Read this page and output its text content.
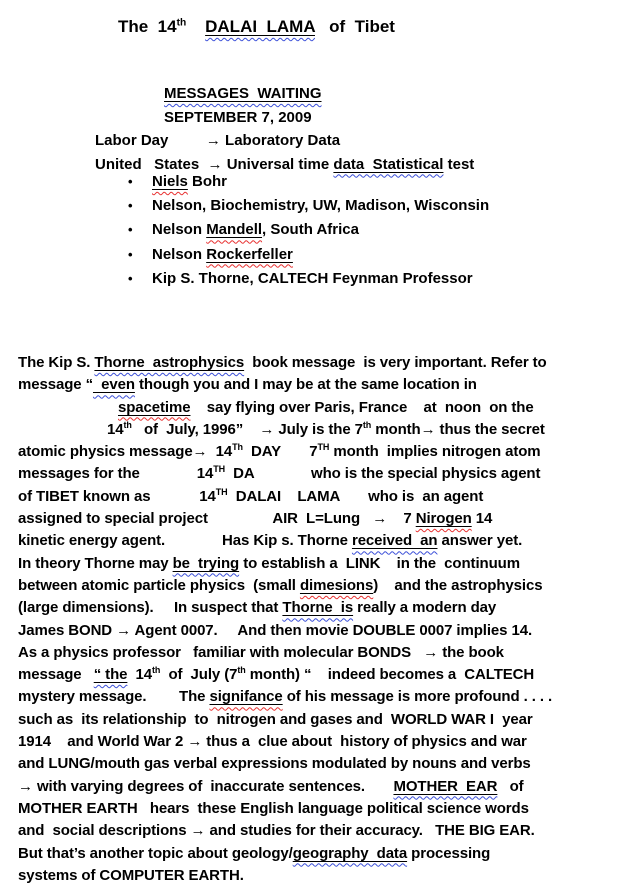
The  14th DALAI  LAMA   of  Tibet
MESSAGES  WAITING
SEPTEMBER 7, 2009
Labor Day         → Laboratory Data
United   States  → Universal time data  Statistical test
•	Niels Bohr
•	Nelson, Biochemistry, UW, Madison, Wisconsin
•	Nelson Mandell, South Africa
•	Nelson Rockerfeller
•	Kip S. Thorne, CALTECH Feynman Professor
The Kip S. Thorne  astrophysics  book message  is very important. Refer to
message “  even though you and I may be at the same location in
spacetime    say flying over Paris, France    at  noon  on the
14th   of  July, 1996”    → July is the 7th month→ thus the secret
atomic physics message→  14Th  DAY       7TH month  implies nitrogen atom
messages for the              14TH  DA              who is the special physics agent
of TIBET known as            14TH  DALAI    LAMA       who is  an agent
assigned to special project                AIR  L=Lung   →    7 Nirogen 14
kinetic energy agent.              Has Kip s. Thorne received  an answer yet.
In theory Thorne may be  trying to establish a  LINK    in the  continuum
between atomic particle physics  (small dimesions)    and the astrophysics
(large dimensions).     In suspect that Thorne  is really a modern day
James BOND → Agent 0007.     And then movie DOUBLE 0007 implies 14.
As a physics professor   familiar with molecular BONDS   → the book
message   “ the  14th  of  July (7th month) “    indeed becomes a  CALTECH
mystery message.        The signifance of his message is more profound . . . .
such as  its relationship  to  nitrogen and gases and  WORLD WAR I  year
1914    and World War 2 → thus a  clue about  history of physics and war
and LUNG/mouth gas verbal expressions modulated by nouns and verbs
→ with varying degrees of  inaccurate sentences.       MOTHER  EAR   of
MOTHER EARTH   hears  these English language political science words
and  social descriptions → and studies for their accuracy.   THE BIG EAR.
But that’s another topic about geology/geography  data processing
systems of COMPUTER EARTH.
